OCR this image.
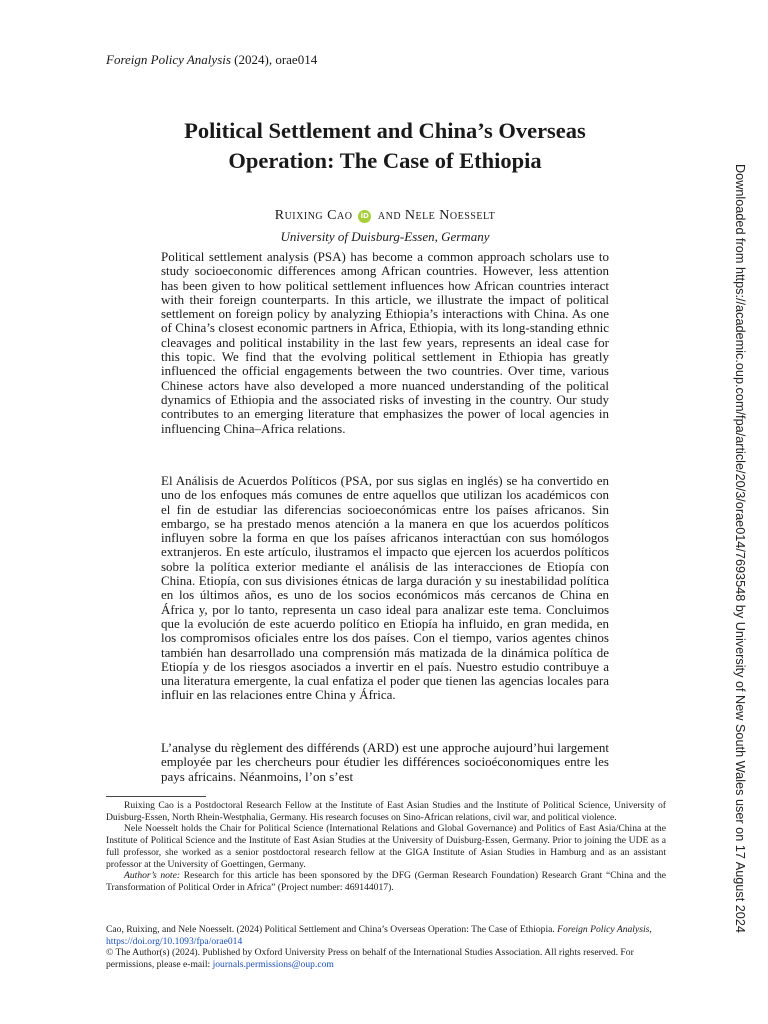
Foreign Policy Analysis (2024), orae014
Political Settlement and China’s Overseas
Operation: The Case of Ethiopia
Ruixing Cao iD and Nele Noesselt
University of Duisburg-Essen, Germany

Political settlement analysis (PSA) has become a common approach scholars use to study socioeconomic differences among African countries. However, less attention has been given to how political settlement influences how African countries interact with their foreign counterparts. In this article, we illustrate the impact of political settlement on foreign policy by analyzing Ethiopia’s interactions with China. As one of China’s closest economic partners in Africa, Ethiopia, with its long-standing ethnic cleavages and political instability in the last few years, represents an ideal case for this topic. We find that the evolving political settlement in Ethiopia has greatly influenced the official engagements between the two countries. Over time, various Chinese actors have also developed a more nuanced understanding of the political dynamics of Ethiopia and the associated risks of investing in the country. Our study contributes to an emerging literature that emphasizes the power of local agencies in influencing China–Africa relations.

El Análisis de Acuerdos Políticos (PSA, por sus siglas en inglés) se ha convertido en uno de los enfoques más comunes de entre aquellos que utilizan los académicos con el fin de estudiar las diferencias socioeconómicas entre los países africanos. Sin embargo, se ha prestado menos atención a la manera en que los acuerdos políticos influyen sobre la forma en que los países africanos interactúan con sus homólogos extranjeros. En este artículo, ilustramos el impacto que ejercen los acuerdos políticos sobre la política exterior mediante el análisis de las interacciones de Etiopía con China. Etiopía, con sus divisiones étnicas de larga duración y su inestabilidad política en los últimos años, es uno de los socios económicos más cercanos de China en África y, por lo tanto, representa un caso ideal para analizar este tema. Concluimos que la evolución de este acuerdo político en Etiopía ha influido, en gran medida, en los compromisos oficiales entre los dos países. Con el tiempo, varios agentes chinos también han desarrollado una comprensión más matizada de la dinámica política de Etiopía y de los riesgos asociados a invertir en el país. Nuestro estudio contribuye a una literatura emergente, la cual enfatiza el poder que tienen las agencias locales para influir en las relaciones entre China y África.

L’analyse du règlement des différends (ARD) est une approche aujourd’hui largement employée par les chercheurs pour étudier les différences socioéconomiques entre les pays africains. Néanmoins, l’on s’est

Ruixing Cao is a Postdoctoral Research Fellow at the Institute of East Asian Studies and the Institute of Political Science, University of Duisburg-Essen, North Rhein-Westphalia, Germany. His research focuses on Sino-African relations, civil war, and political violence.

Nele Noesselt holds the Chair for Political Science (International Relations and Global Governance) and Politics of East Asia/China at the Institute of Political Science and the Institute of East Asian Studies at the University of Duisburg-Essen, Germany. Prior to joining the UDE as a full professor, she worked as a senior postdoctoral research fellow at the GIGA Institute of Asian Studies in Hamburg and as an assistant professor at the University of Goettingen, Germany.

Author’s note: Research for this article has been sponsored by the DFG (German Research Foundation) Research Grant “China and the Transformation of Political Order in Africa” (Project number: 469144017).

Cao, Ruixing, and Nele Noesselt. (2024) Political Settlement and China’s Overseas Operation: The Case of Ethiopia. Foreign Policy Analysis, https://doi.org/10.1093/fpa/orae014

© The Author(s) (2024). Published by Oxford University Press on behalf of the International Studies Association. All rights reserved. For permissions, please e-mail: journals.permissions@oup.com

Downloaded from https://academic.oup.com/fpa/article/20/3/orae014/7693548 by University of New South Wales user on 17 August 2024
